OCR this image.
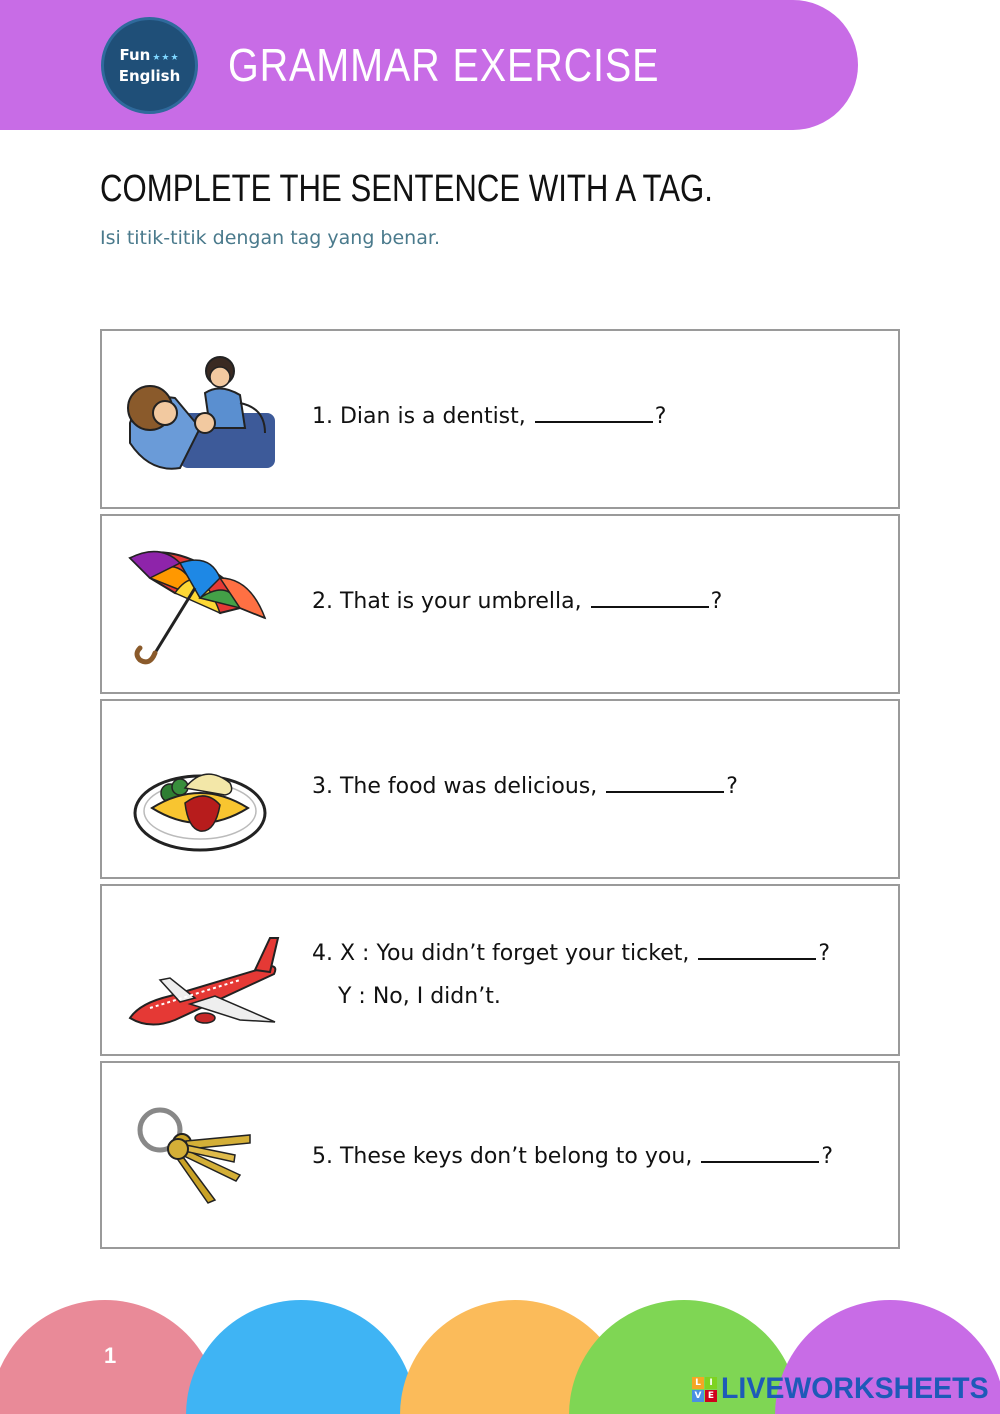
Fun ★★★
English GRAMMAR EXERCISE
COMPLETE THE SENTENCE WITH A TAG.
Isi titik-titik dengan tag yang benar.
1. Dian is a dentist,	?
2. That is your umbrella,	?
3. The food was delicious,	?
4. X : You didn’t forget your ticket,	?
Y : No, I didn’t.
5. These keys don’t belong to you,	?
1
L I
V E LIVEWORKSHEETS
